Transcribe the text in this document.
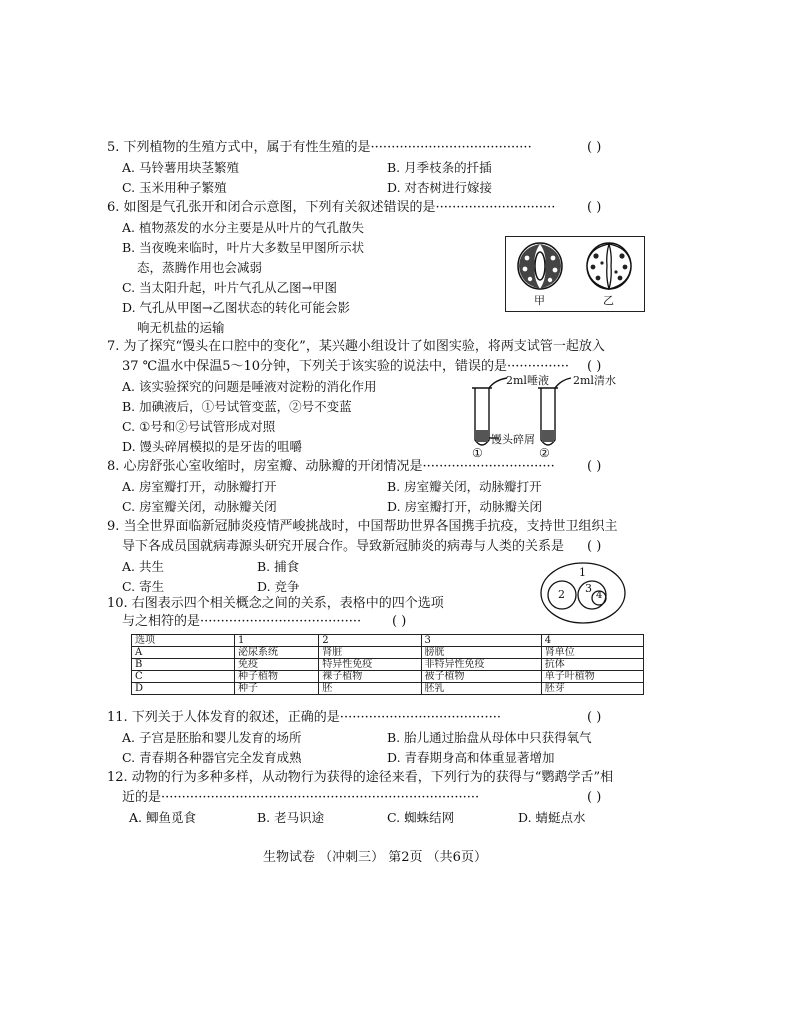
5. 下列植物的生殖方式中，属于有性生殖的是·······································	( )
A. 马铃薯用块茎繁殖	B. 月季枝条的扦插
C. 玉米用种子繁殖	D. 对杏树进行嫁接
6. 如图是气孔张开和闭合示意图，下列有关叙述错误的是····························· ( )
A. 植物蒸发的水分主要是从叶片的气孔散失
B. 当夜晚来临时，叶片大多数呈甲图所示状
态，蒸腾作用也会减弱
C. 当太阳升起，叶片气孔从乙图→甲图
D. 气孔从甲图→乙图状态的转化可能会影
响无机盐的运输
甲	乙
7. 为了探究“馒头在口腔中的变化”，某兴趣小组设计了如图实验，将两支试管一起放入
37 ℃温水中保温5～10分钟，下列关于该实验的说法中，错误的是··············· ( )
A. 该实验探究的问题是唾液对淀粉的消化作用
B. 加碘液后，①号试管变蓝，②号不变蓝
C. ①号和②号试管形成对照
D. 馒头碎屑模拟的是牙齿的咀嚼
2ml唾液 2ml清水
馒头碎屑
①	②
8. 心房舒张心室收缩时，房室瓣、动脉瓣的开闭情况是································ ( )
A. 房室瓣打开，动脉瓣打开	B. 房室瓣关闭，动脉瓣打开
C. 房室瓣关闭，动脉瓣关闭	D. 房室瓣打开，动脉瓣关闭
9. 当全世界面临新冠肺炎疫情严峻挑战时，中国帮助世界各国携手抗疫，支持世卫组织主
导下各成员国就病毒源头研究开展合作。导致新冠肺炎的病毒与人类的关系是 ( )
A. 共生	B. 捕食
C. 寄生	D. 竞争
1
2 3
4
10. 右图表示四个相关概念之间的关系，表格中的四个选项
与之相符的是······································· ( )
选项	1	2	3	4
A	泌尿系统	肾脏	膀胱	肾单位
B	免疫	特异性免疫	非特异性免疫	抗体
C	种子植物	裸子植物	被子植物	单子叶植物
D	种子	胚	胚乳	胚芽
11. 下列关于人体发育的叙述，正确的是·······································	( )
A. 子宫是胚胎和婴儿发育的场所	B. 胎儿通过胎盘从母体中只获得氧气
C. 青春期各种器官完全发育成熟	D. 青春期身高和体重显著增加
12. 动物的行为多种多样，从动物行为获得的途径来看，下列行为的获得与“鹦鹉学舌”相
近的是·············································································	( )
A. 鲫鱼觅食	B. 老马识途	C. 蜘蛛结网	D. 蜻蜓点水
生物试卷 （冲刺三） 第2页 （共6页）
